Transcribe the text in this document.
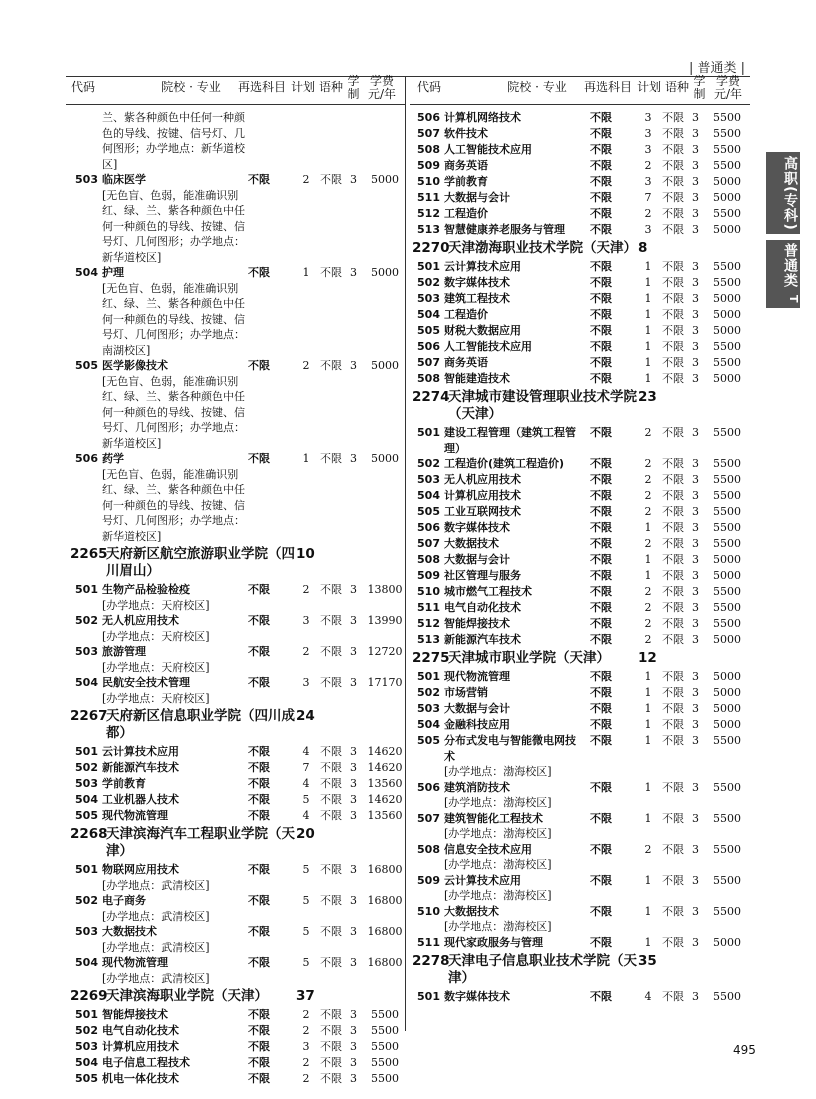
| 普通类 |
代码	院校 · 专业	再选科目 计划 语种 学制
学费元/年	代码	院校 · 专业	再选科目 计划 语种 学制
学费元/年
兰、紫各种颜色中任何一种颜色的导线、按键、信号灯、几何图形；办学地点：新华道校区]
503 临床医学	不限	2 不限 3	5000
[无色盲、色弱，能准确识别红、绿、兰、紫各种颜色中任何一种颜色的导线、按键、信号灯、几何图形；办学地点：新华道校区]
504 护理	不限	1 不限 3	5000
[无色盲、色弱，能准确识别红、绿、兰、紫各种颜色中任何一种颜色的导线、按键、信号灯、几何图形；办学地点：南湖校区]
505 医学影像技术	不限	2 不限 3	5000
[无色盲、色弱，能准确识别红、绿、兰、紫各种颜色中任何一种颜色的导线、按键、信号灯、几何图形；办学地点：新华道校区]
506 药学	不限	1 不限 3	5000
[无色盲、色弱，能准确识别红、绿、兰、紫各种颜色中任何一种颜色的导线、按键、信号灯、几何图形；办学地点：新华道校区]
2265
天府新区航空旅游职业学院（四川眉山）
10
501 生物产品检验检疫	不限	2 不限 3 13800
[办学地点：天府校区]
502 无人机应用技术	不限	3 不限 3 13990
[办学地点：天府校区]
503 旅游管理	不限	2 不限 3 12720
[办学地点：天府校区]
504 民航安全技术管理	不限	3 不限 3 17170
[办学地点：天府校区]
2267
天府新区信息职业学院（四川成都）
24
501 云计算技术应用	不限	4 不限 3 14620
502 新能源汽车技术	不限	7 不限 3 14620
503 学前教育	不限	4 不限 3 13560
504 工业机器人技术	不限	5 不限 3 14620
505 现代物流管理	不限	4 不限 3 13560
2268
天津滨海汽车工程职业学院（天津）
20
501 物联网应用技术	不限	5 不限 3 16800
[办学地点：武清校区]
502 电子商务	不限	5 不限 3 16800
[办学地点：武清校区]
503 大数据技术	不限	5 不限 3 16800
[办学地点：武清校区]
504 现代物流管理	不限	5 不限 3 16800
[办学地点：武清校区]
2269
天津滨海职业学院（天津）	37
501 智能焊接技术	不限	2 不限 3	5500
502 电气自动化技术	不限	2 不限 3	5500
503 计算机应用技术	不限	3 不限 3	5500
504 电子信息工程技术	不限	2 不限 3	5500
505 机电一体化技术	不限	2 不限 3	5500
506 计算机网络技术	不限	3 不限 3	5500
507 软件技术	不限	3 不限 3	5500
508 人工智能技术应用	不限	3 不限 3	5500
509 商务英语	不限	2 不限 3	5500
510 学前教育	不限	3 不限 3	5000
511 大数据与会计	不限	7 不限 3	5000
512 工程造价	不限	2 不限 3	5500
513 智慧健康养老服务与管理	不限	3 不限 3	5000
2270
天津渤海职业技术学院（天津） 8
501 云计算技术应用	不限	1 不限 3	5500
502 数字媒体技术	不限	1 不限 3	5500
503 建筑工程技术	不限	1 不限 3	5000
504 工程造价	不限	1 不限 3	5000
505 财税大数据应用	不限	1 不限 3	5000
506 人工智能技术应用	不限	1 不限 3	5500
507 商务英语	不限	1 不限 3	5500
508 智能建造技术	不限	1 不限 3	5000
2274
天津城市建设管理职业技术学院（天津）
23
501 建设工程管理（建筑工程管理）
不限	2 不限 3	5500
502 工程造价(建筑工程造价)	不限	2 不限 3	5500
503 无人机应用技术	不限	2 不限 3	5500
504 计算机应用技术	不限	2 不限 3	5500
505 工业互联网技术	不限	2 不限 3	5500
506 数字媒体技术	不限	1 不限 3	5500
507 大数据技术	不限	2 不限 3	5500
508 大数据与会计	不限	1 不限 3	5000
509 社区管理与服务	不限	1 不限 3	5000
510 城市燃气工程技术	不限	2 不限 3	5500
511 电气自动化技术	不限	2 不限 3	5500
512 智能焊接技术	不限	2 不限 3	5500
513 新能源汽车技术	不限	2 不限 3	5000
2275
天津城市职业学院（天津）	12
501 现代物流管理	不限	1 不限 3	5000
502 市场营销	不限	1 不限 3	5000
503 大数据与会计	不限	1 不限 3	5000
504 金融科技应用	不限	1 不限 3	5000
505 分布式发电与智能微电网技术
不限	1 不限 3	5500
[办学地点：渤海校区]
506 建筑消防技术	不限	1 不限 3	5500
[办学地点：渤海校区]
507 建筑智能化工程技术	不限	1 不限 3	5500
[办学地点：渤海校区]
508 信息安全技术应用	不限	2 不限 3	5500
[办学地点：渤海校区]
509 云计算技术应用	不限	1 不限 3	5500
[办学地点：渤海校区]
510 大数据技术	不限	1 不限 3	5500
[办学地点：渤海校区]
511 现代家政服务与管理	不限	1 不限 3	5000
2278
天津电子信息职业技术学院（天津）
35
501 数字媒体技术	不限	4 不限 3	5500
高职(专科)
普通类
T
495
